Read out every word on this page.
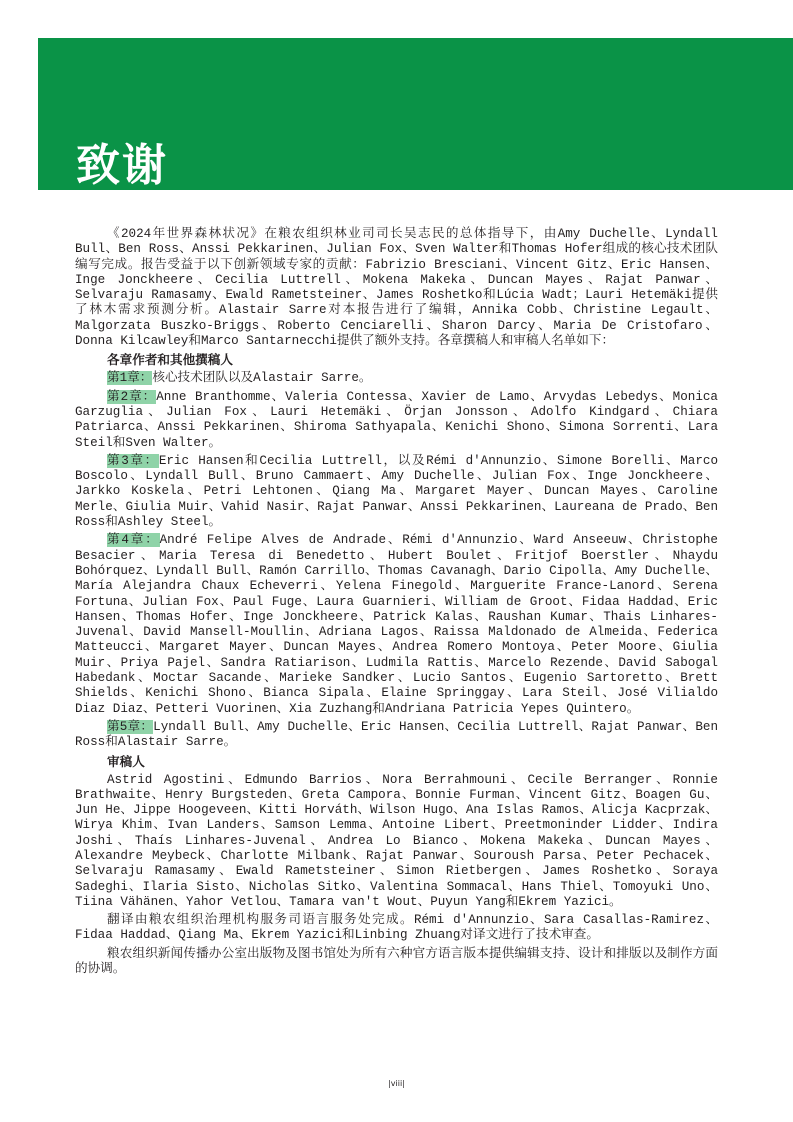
致谢

《2024年世界森林状况》在粮农组织林业司司长吴志民的总体指导下，由Amy Duchelle、Lyndall Bull、Ben Ross、Anssi Pekkarinen、Julian Fox、Sven Walter和Thomas Hofer组成的核心技术团队编写完成。报告受益于以下创新领域专家的贡献：Fabrizio Bresciani、Vincent Gitz、Eric Hansen、Inge Jonckheere、Cecilia Luttrell、Mokena Makeka、Duncan Mayes、Rajat Panwar、Selvaraju Ramasamy、Ewald Rametsteiner、James Roshetko和Lúcia Wadt；Lauri Hetemäki提供了林木需求预测分析。Alastair Sarre对本报告进行了编辑，Annika Cobb、Christine Legault、Malgorzata Buszko-Briggs、Roberto Cenciarelli、Sharon Darcy、Maria De Cristofaro、Donna Kilcawley和Marco Santarnecchi提供了额外支持。各章撰稿人和审稿人名单如下：

各章作者和其他撰稿人

第1章：核心技术团队以及Alastair Sarre。

第2章：Anne Branthomme、Valeria Contessa、Xavier de Lamo、Arvydas Lebedys、Monica Garzuglia、Julian Fox、Lauri Hetemäki、Örjan Jonsson、Adolfo Kindgard、Chiara Patriarca、Anssi Pekkarinen、Shiroma Sathyapala、Kenichi Shono、Simona Sorrenti、Lara Steil和Sven Walter。

第3章：Eric Hansen和Cecilia Luttrell，以及Rémi d'Annunzio、Simone Borelli、Marco Boscolo、Lyndall Bull、Bruno Cammaert、Amy Duchelle、Julian Fox、Inge Jonckheere、Jarkko Koskela、Petri Lehtonen、Qiang Ma、Margaret Mayer、Duncan Mayes、Caroline Merle、Giulia Muir、Vahid Nasir、Rajat Panwar、Anssi Pekkarinen、Laureana de Prado、Ben Ross和Ashley Steel。

第4章：André Felipe Alves de Andrade、Rémi d'Annunzio、Ward Anseeuw、Christophe Besacier、Maria Teresa di Benedetto、Hubert Boulet、Fritjof Boerstler、Nhaydu Bohórquez、Lyndall Bull、Ramón Carrillo、Thomas Cavanagh、Dario Cipolla、Amy Duchelle、María Alejandra Chaux Echeverri、Yelena Finegold、Marguerite France-Lanord、Serena Fortuna、Julian Fox、Paul Fuge、Laura Guarnieri、William de Groot、Fidaa Haddad、Eric Hansen、Thomas Hofer、Inge Jonckheere、Patrick Kalas、Raushan Kumar、Thais Linhares-Juvenal、David Mansell-Moullin、Adriana Lagos、Raissa Maldonado de Almeida、Federica Matteucci、Margaret Mayer、Duncan Mayes、Andrea Romero Montoya、Peter Moore、Giulia Muir、Priya Pajel、Sandra Ratiarison、Ludmila Rattis、Marcelo Rezende、David Sabogal Habedank、Moctar Sacande、Marieke Sandker、Lucio Santos、Eugenio Sartoretto、Brett Shields、Kenichi Shono、Bianca Sipala、Elaine Springgay、Lara Steil、José Vilialdo Diaz Diaz、Petteri Vuorinen、Xia Zuzhang和Andriana Patricia Yepes Quintero。

第5章：Lyndall Bull、Amy Duchelle、Eric Hansen、Cecilia Luttrell、Rajat Panwar、Ben Ross和Alastair Sarre。

审稿人

Astrid Agostini、Edmundo Barrios、Nora Berrahmouni、Cecile Berranger、Ronnie Brathwaite、Henry Burgsteden、Greta Campora、Bonnie Furman、Vincent Gitz、Boagen Gu、Jun He、Jippe Hoogeveen、Kitti Horváth、Wilson Hugo、Ana Islas Ramos、Alicja Kacprzak、Wirya Khim、Ivan Landers、Samson Lemma、Antoine Libert、Preetmoninder Lidder、Indira Joshi、Thaís Linhares-Juvenal、Andrea Lo Bianco、Mokena Makeka、Duncan Mayes、Alexandre Meybeck、Charlotte Milbank、Rajat Panwar、Souroush Parsa、Peter Pechacek、Selvaraju Ramasamy、Ewald Rametsteiner、Simon Rietbergen、James Roshetko、Soraya Sadeghi、Ilaria Sisto、Nicholas Sitko、Valentina Sommacal、Hans Thiel、Tomoyuki Uno、Tiina Vähänen、Yahor Vetlou、Tamara van't Wout、Puyun Yang和Ekrem Yazici。

翻译由粮农组织治理机构服务司语言服务处完成。Rémi d'Annunzio、Sara Casallas-Ramirez、Fidaa Haddad、Qiang Ma、Ekrem Yazici和Linbing Zhuang对译文进行了技术审查。

粮农组织新闻传播办公室出版物及图书馆处为所有六种官方语言版本提供编辑支持、设计和排版以及制作方面的协调。

|viii|
